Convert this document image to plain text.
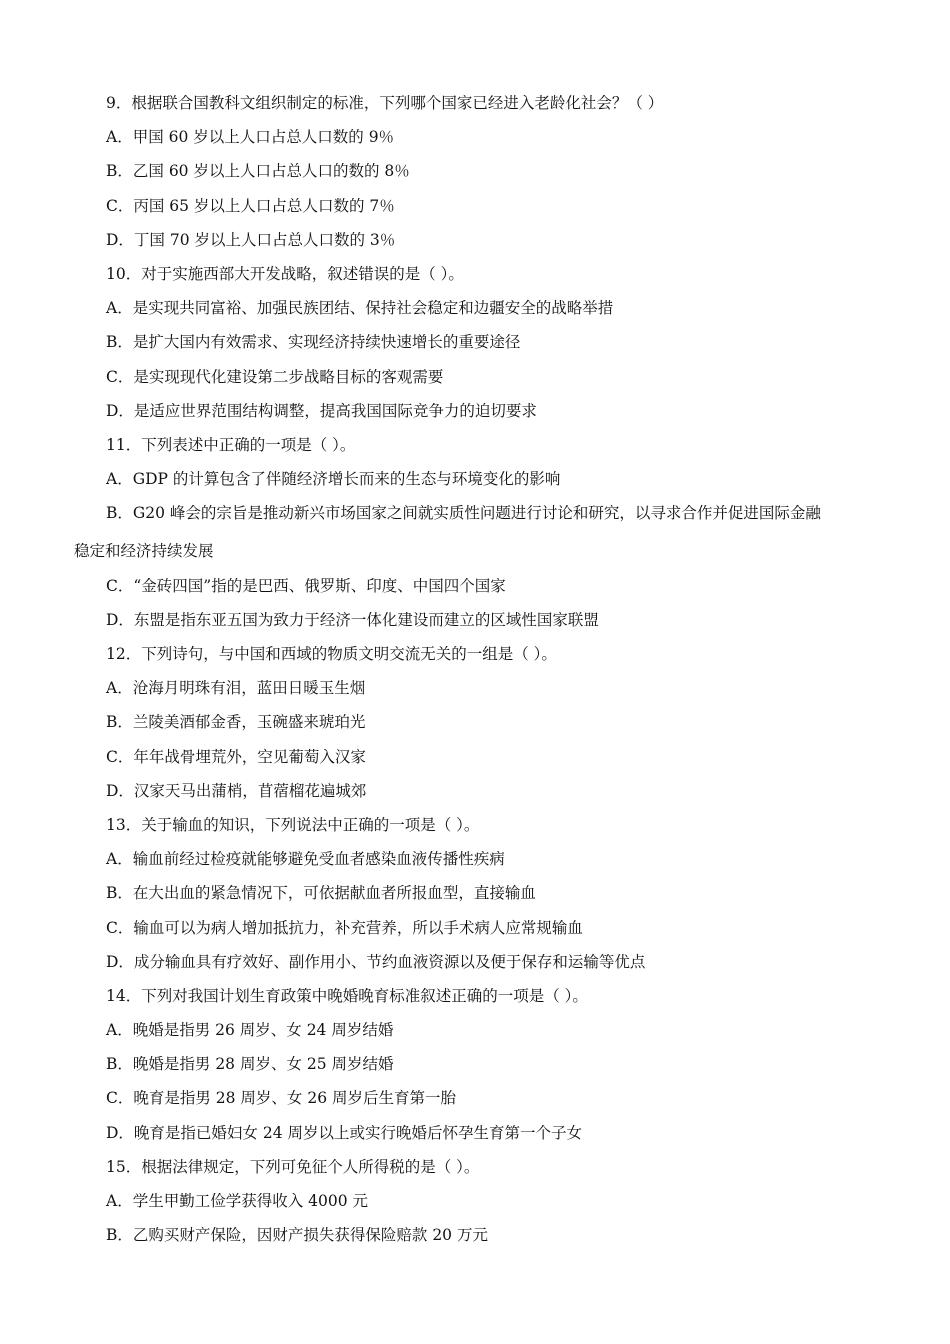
9．根据联合国教科文组织制定的标准，下列哪个国家已经进入老龄化社会？（ ）
A．甲国 60 岁以上人口占总人口数的 9％
B．乙国 60 岁以上人口占总人口的数的 8％
C．丙国 65 岁以上人口占总人口数的 7％
D．丁国 70 岁以上人口占总人口数的 3％
10．对于实施西部大开发战略，叙述错误的是（ ）。
A．是实现共同富裕、加强民族团结、保持社会稳定和边疆安全的战略举措
B．是扩大国内有效需求、实现经济持续快速增长的重要途径
C．是实现现代化建设第二步战略目标的客观需要
D．是适应世界范围结构调整，提高我国国际竞争力的迫切要求
11．下列表述中正确的一项是（ ）。
A．GDP 的计算包含了伴随经济增长而来的生态与环境变化的影响
B．G20 峰会的宗旨是推动新兴市场国家之间就实质性问题进行讨论和研究，以寻求合作并促进国际金融
稳定和经济持续发展
C．“金砖四国”指的是巴西、俄罗斯、印度、中国四个国家
D．东盟是指东亚五国为致力于经济一体化建设而建立的区域性国家联盟
12．下列诗句，与中国和西域的物质文明交流无关的一组是（ ）。
A．沧海月明珠有泪，蓝田日暖玉生烟
B．兰陵美酒郁金香，玉碗盛来琥珀光
C．年年战骨埋荒外，空见葡萄入汉家
D．汉家天马出蒲梢，苜蓿榴花遍城郊
13．关于输血的知识，下列说法中正确的一项是（ ）。
A．输血前经过检疫就能够避免受血者感染血液传播性疾病
B．在大出血的紧急情况下，可依据献血者所报血型，直接输血
C．输血可以为病人增加抵抗力，补充营养，所以手术病人应常规输血
D．成分输血具有疗效好、副作用小、节约血液资源以及便于保存和运输等优点
14．下列对我国计划生育政策中晚婚晚育标准叙述正确的一项是（ ）。
A．晚婚是指男 26 周岁、女 24 周岁结婚
B．晚婚是指男 28 周岁、女 25 周岁结婚
C．晚育是指男 28 周岁、女 26 周岁后生育第一胎
D．晚育是指已婚妇女 24 周岁以上或实行晚婚后怀孕生育第一个子女
15．根据法律规定，下列可免征个人所得税的是（ ）。
A．学生甲勤工俭学获得收入 4000 元
B．乙购买财产保险，因财产损失获得保险赔款 20 万元
